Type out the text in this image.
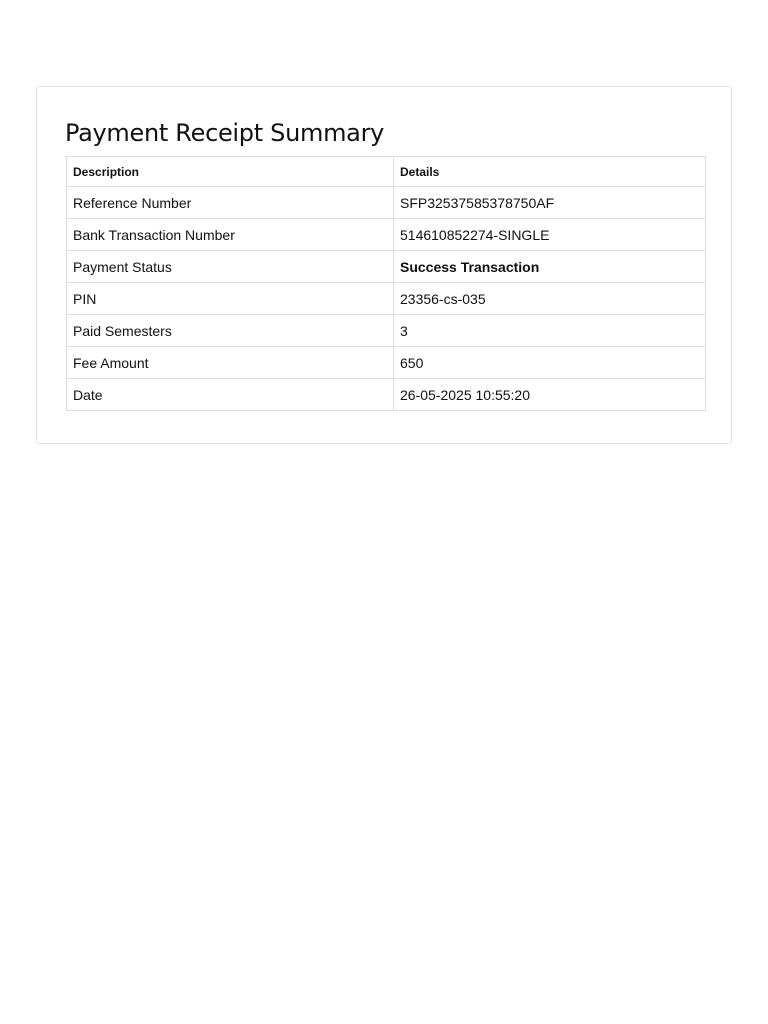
Payment Receipt Summary
Description	Details
Reference Number	SFP32537585378750AF
Bank Transaction Number	514610852274-SINGLE
Payment Status	Success Transaction
PIN	23356-cs-035
Paid Semesters	3
Fee Amount	650
Date	26-05-2025 10:55:20
